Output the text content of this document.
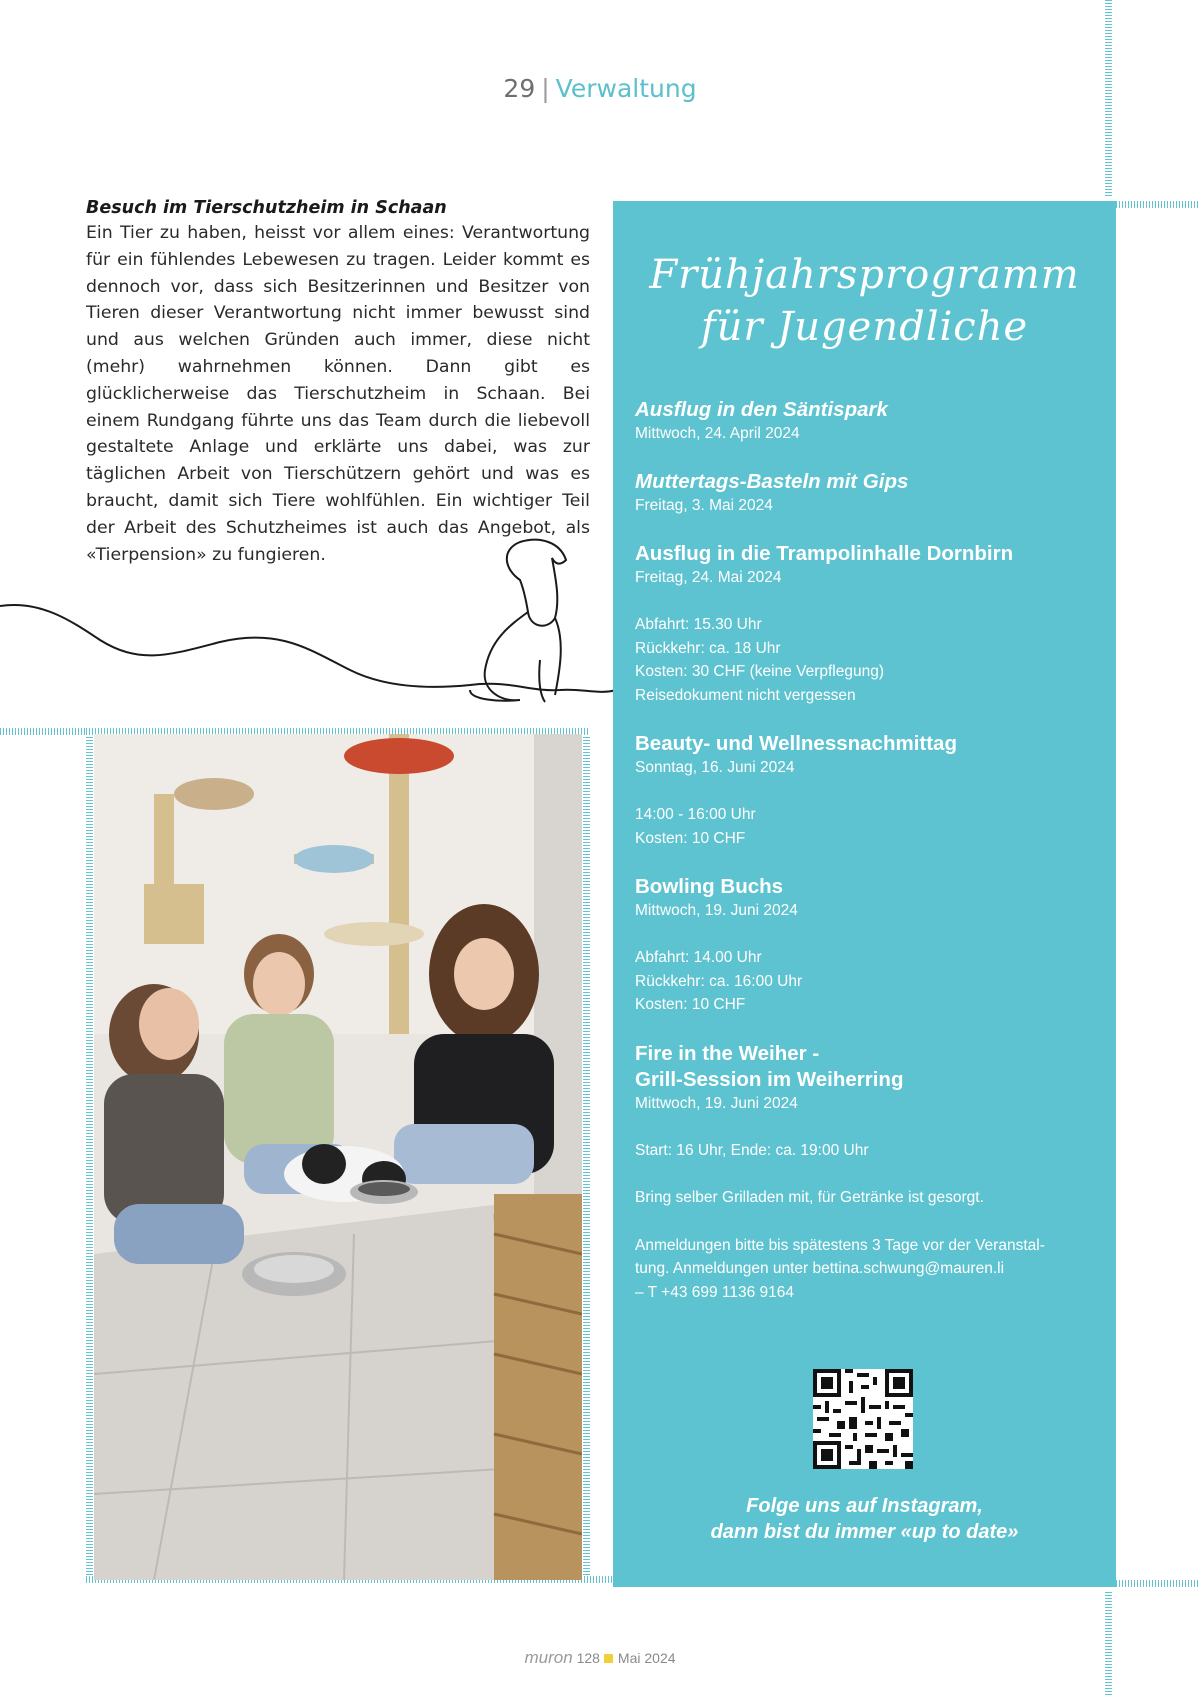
29 | Verwaltung
Besuch im Tierschutzheim in Schaan

Ein Tier zu haben, heisst vor allem eines: Verantwortung für ein fühlendes Lebewesen zu tragen. Leider kommt es dennoch vor, dass sich Besitzerinnen und Besitzer von Tieren dieser Verantwortung nicht immer bewusst sind und aus welchen Gründen auch immer, diese nicht (mehr) wahrnehmen können. Dann gibt es glücklicherweise das Tierschutzheim in Schaan. Bei einem Rundgang führte uns das Team durch die liebevoll gestaltete Anlage und erklärte uns dabei, was zur täglichen Arbeit von Tierschützern gehört und was es braucht, damit sich Tiere wohlfühlen. Ein wichtiger Teil der Arbeit des Schutzheimes ist auch das Angebot, als «Tierpension» zu fungieren.

Frühjahrsprogramm
für Jugendliche
Ausflug in den Säntispark
Mittwoch, 24. April 2024
Muttertags-Basteln mit Gips
Freitag, 3. Mai 2024
Ausflug in die Trampolinhalle Dornbirn
Freitag, 24. Mai 2024
Abfahrt: 15.30 Uhr
Rückkehr: ca. 18 Uhr
Kosten: 30 CHF (keine Verpflegung)
Reisedokument nicht vergessen
Beauty- und Wellnessnachmittag
Sonntag, 16. Juni 2024
14:00 - 16:00 Uhr
Kosten: 10 CHF
Bowling Buchs
Mittwoch, 19. Juni 2024
Abfahrt: 14.00 Uhr
Rückkehr: ca. 16:00 Uhr
Kosten: 10 CHF
Fire in the Weiher -
Grill-Session im Weiherring
Mittwoch, 19. Juni 2024
Start: 16 Uhr, Ende: ca. 19:00 Uhr
Bring selber Grilladen mit, für Getränke ist gesorgt.
Anmeldungen bitte bis spätestens 3 Tage vor der Veranstal-
tung. Anmeldungen unter bettina.schwung@mauren.li
– T +43 699 1136 9164
Folge uns auf Instagram,
dann bist du immer «up to date»
muron 128 Mai 2024
